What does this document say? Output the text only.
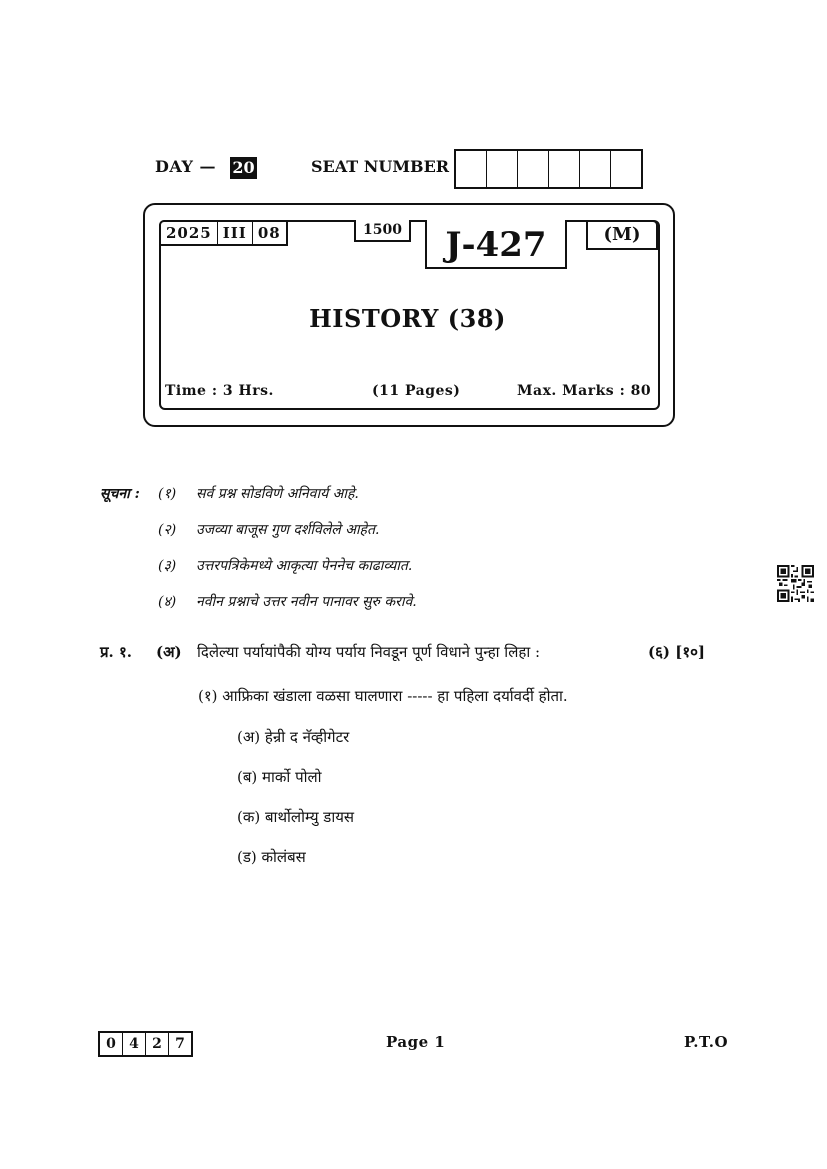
DAY — 20	SEAT NUMBER
2025 III 08	1500	J-427	(M)
HISTORY (38)
Time : 3 Hrs.	(11 Pages)	Max. Marks : 80
सूचना : (१) सर्व प्रश्न सोडविणे अनिवार्य आहे.
(२) उजव्या बाजूस गुण दर्शविलेले आहेत.
(३) उत्तरपत्रिकेमध्ये आकृत्या पेननेच काढाव्यात.
(४) नवीन प्रश्नाचे उत्तर नवीन पानावर सुरु करावे.
प्र. १. (अ) दिलेल्या पर्यायांपैकी योग्य पर्याय निवडून पूर्ण विधाने पुन्हा लिहा :	(६) [१०]
(१) आफ्रिका खंडाला वळसा घालणारा ----- हा पहिला दर्यावर्दी होता.
(अ) हेन्री द नॅव्हीगेटर
(ब) मार्को पोलो
(क) बार्थोलोम्यु डायस
(ड) कोलंबस
0 4 2 7	Page 1	P.T.O
